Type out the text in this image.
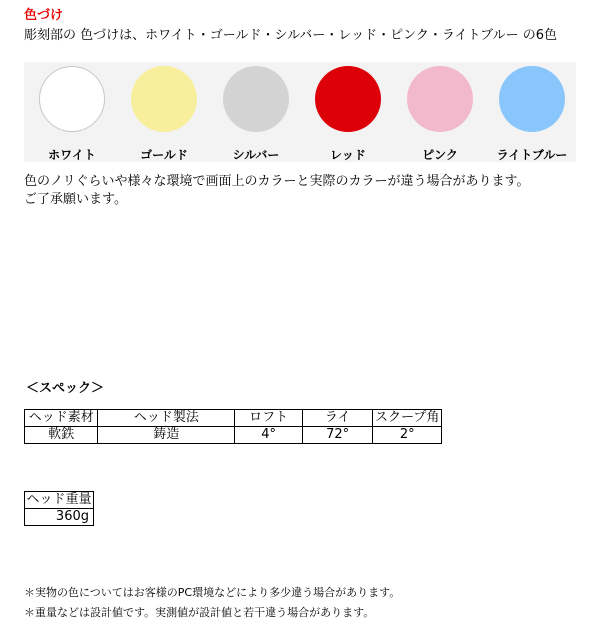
色づけ
彫刻部の 色づけは、ホワイト・ゴールド・シルバー・レッド・ピンク・ライトブルー の6色
ホワイト	ゴールド	シルバー	レッド	ピンク	ライトブルー
色のノリぐらいや様々な環境で画面上のカラーと実際のカラーが違う場合があります。
ご了承願います。
＜スペック＞
ヘッド素材	ヘッド製法	ロフト	ライ	スクープ角
軟鉄	鋳造	4°	72°	2°
ヘッド重量
360g
＊実物の色についてはお客様のPC環境などにより多少違う場合があります。
＊重量などは設計値です。実測値が設計値と若干違う場合があります。
